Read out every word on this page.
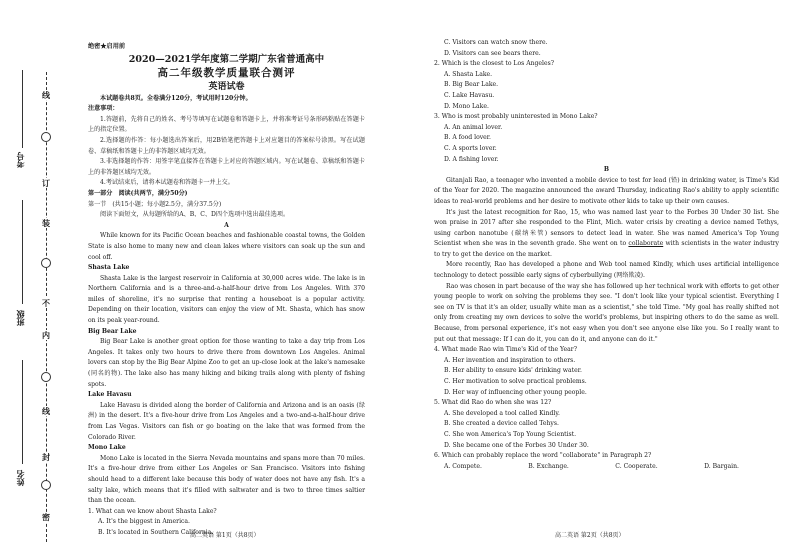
考号
班级
姓名
线
订
装
不
内
线
封
密
绝密★启用前
2020—2021学年度第二学期广东省普通高中
高二年级教学质量联合测评
英语试卷
本试题卷共8页。全卷满分120分，考试用时120分钟。
注意事项：
1.答题前，先将自己的姓名、考号等填写在试题卷和答题卡上，并将准考证号条形码粘贴在答题卡上的指定位置。
2.选择题的作答：每小题选出答案后，用2B铅笔把答题卡上对应题目的答案标号涂黑。写在试题卷、草稿纸和答题卡上的非答题区域均无效。
3.非选择题的作答：用签字笔直接答在答题卡上对应的答题区域内。写在试题卷、草稿纸和答题卡上的非答题区域均无效。
4.考试结束后，请将本试题卷和答题卡一并上交。
第一部分　阅读(共两节，满分50分)
第一节　(共15小题；每小题2.5分，满分37.5分)
阅读下面短文，从每题所给的A、B、C、D四个选项中选出最佳选项。
A
While known for its Pacific Ocean beaches and fashionable coastal towns, the Golden State is also home to many new and clean lakes where visitors can soak up the sun and cool off.
Shasta Lake
Shasta Lake is the largest reservoir in California at 30,000 acres wide. The lake is in Northern California and is a three-and-a-half-hour drive from Los Angeles. With 370 miles of shoreline, it's no surprise that renting a houseboat is a popular activity. Depending on their location, visitors can enjoy the view of Mt. Shasta, which has snow on its peak year-round.
Big Bear Lake
Big Bear Lake is another great option for those wanting to take a day trip from Los Angeles. It takes only two hours to drive there from downtown Los Angeles. Animal lovers can stop by the Big Bear Alpine Zoo to get an up-close look at the lake's namesake (同名的物). The lake also has many hiking and biking trails along with plenty of fishing spots.
Lake Havasu
Lake Havasu is divided along the border of California and Arizona and is an oasis (绿洲) in the desert. It's a five-hour drive from Los Angeles and a two-and-a-half-hour drive from Las Vegas. Visitors can fish or go boating on the lake that was formed from the Colorado River.
Mono Lake
Mono Lake is located in the Sierra Nevada mountains and spans more than 70 miles. It's a five-hour drive from either Los Angeles or San Francisco. Visitors into fishing should head to a different lake because this body of water does not have any fish. It's a salty lake, which means that it's filled with saltwater and is two to three times saltier than the ocean.
1. What can we know about Shasta Lake?
A. It's the biggest in America.
B. It's located in Southern California.
C. Visitors can watch snow there.
D. Visitors can see bears there.
2. Which is the closest to Los Angeles?
A. Shasta Lake.
B. Big Bear Lake.
C. Lake Havasu.
D. Mono Lake.
3. Who is most probably uninterested in Mono Lake?
A. An animal lover.
B. A food lover.
C. A sports lover.
D. A fishing lover.
B
Gitanjali Rao, a teenager who invented a mobile device to test for lead (铅) in drinking water, is Time's Kid of the Year for 2020. The magazine announced the award Thursday, indicating Rao's ability to apply scientific ideas to real-world problems and her desire to motivate other kids to take up their own causes.
It's just the latest recognition for Rao, 15, who was named last year to the Forbes 30 Under 30 list. She won praise in 2017 after she responded to the Flint, Mich. water crisis by creating a device named Tethys, using carbon nanotube (碳纳米管) sensors to detect lead in water. She was named America's Top Young Scientist when she was in the seventh grade. She went on to collaborate with scientists in the water industry to try to get the device on the market.
More recently, Rao has developed a phone and Web tool named Kindly, which uses artificial intelligence technology to detect possible early signs of cyberbullying (网络欺凌).
Rao was chosen in part because of the way she has followed up her technical work with efforts to get other young people to work on solving the problems they see. "I don't look like your typical scientist. Everything I see on TV is that it's an older, usually white man as a scientist," she told Time. "My goal has really shifted not only from creating my own devices to solve the world's problems, but inspiring others to do the same as well. Because, from personal experience, it's not easy when you don't see anyone else like you. So I really want to put out that message: If I can do it, you can do it, and anyone can do it."
4. What made Rao win Time's Kid of the Year?
A. Her invention and inspiration to others.
B. Her ability to ensure kids' drinking water.
C. Her motivation to solve practical problems.
D. Her way of influencing other young people.
5. What did Rao do when she was 12?
A. She developed a tool called Kindly.
B. She created a device called Tehys.
C. She won America's Top Young Scientist.
D. She became one of the Forbes 30 Under 30.
6. Which can probably replace the word "collaborate" in Paragraph 2?
A. Compete.	B. Exchange.	C. Cooperate.	D. Bargain.
高二英语 第1页（共8页）	高二英语 第2页（共8页）
